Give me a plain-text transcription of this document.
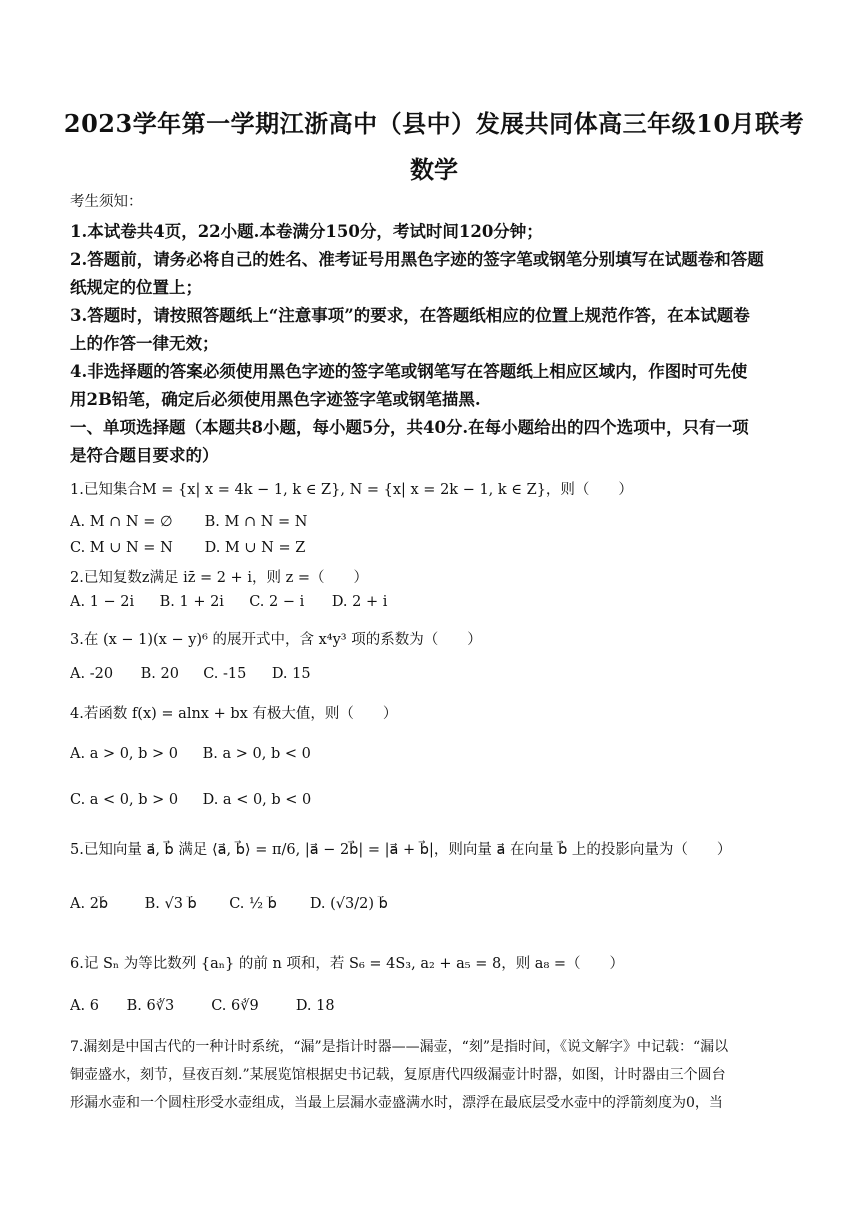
2023学年第一学期江浙高中（县中）发展共同体高三年级10月联考
数学
考生须知：
1.本试卷共4页，22小题.本卷满分150分，考试时间120分钟；
2.答题前，请务必将自己的姓名、准考证号用黑色字迹的签字笔或钢笔分别填写在试题卷和答题
纸规定的位置上；
3.答题时，请按照答题纸上“注意事项”的要求，在答题纸相应的位置上规范作答，在本试题卷
上的作答一律无效；
4.非选择题的答案必须使用黑色字迹的签字笔或钢笔写在答题纸上相应区域内，作图时可先使
用2B铅笔，确定后必须使用黑色字迹签字笔或钢笔描黑.
一、单项选择题（本题共8小题，每小题5分，共40分.在每小题给出的四个选项中，只有一项
是符合题目要求的）
1.已知集合M = {x| x = 4k − 1, k ∈ Z}, N = {x| x = 2k − 1, k ∈ Z}，则（　　）
A. M ∩ N = ∅ B. M ∩ N = N
C. M ∪ N = N D. M ∪ N = Z
2.已知复数z满足 iz̄ = 2 + i，则 z =（　　）
A. 1 − 2i B. 1 + 2i C. 2 − i D. 2 + i
3.在 (x − 1)(x − y)⁶ 的展开式中，含 x⁴y³ 项的系数为（　　）
A. -20 B. 20 C. -15 D. 15
4.若函数 f(x) = alnx + bx 有极大值，则（　　）
A. a > 0, b > 0 B. a > 0, b < 0
C. a < 0, b > 0 D. a < 0, b < 0
5.已知向量 a⃗, b⃗ 满足 ⟨a⃗, b⃗⟩ = π/6, |a⃗ − 2b⃗| = |a⃗ + b⃗|，则向量 a⃗ 在向量 b⃗ 上的投影向量为（　　）
A. 2b⃗	B. √3 b⃗ C. ½ b⃗ D. (√3/2) b⃗
6.记 Sₙ 为等比数列 {aₙ} 的前 n 项和，若 S₆ = 4S₃, a₂ + a₅ = 8，则 a₈ =（　　）
A. 6 B. 6∛3	C. 6∛9	D. 18
7.漏刻是中国古代的一种计时系统，“漏”是指计时器——漏壶，“刻”是指时间，《说文解字》中记载：“漏以
铜壶盛水，刻节，昼夜百刻.”某展览馆根据史书记载，复原唐代四级漏壶计时器，如图，计时器由三个圆台
形漏水壶和一个圆柱形受水壶组成，当最上层漏水壶盛满水时，漂浮在最底层受水壶中的浮箭刻度为0，当
